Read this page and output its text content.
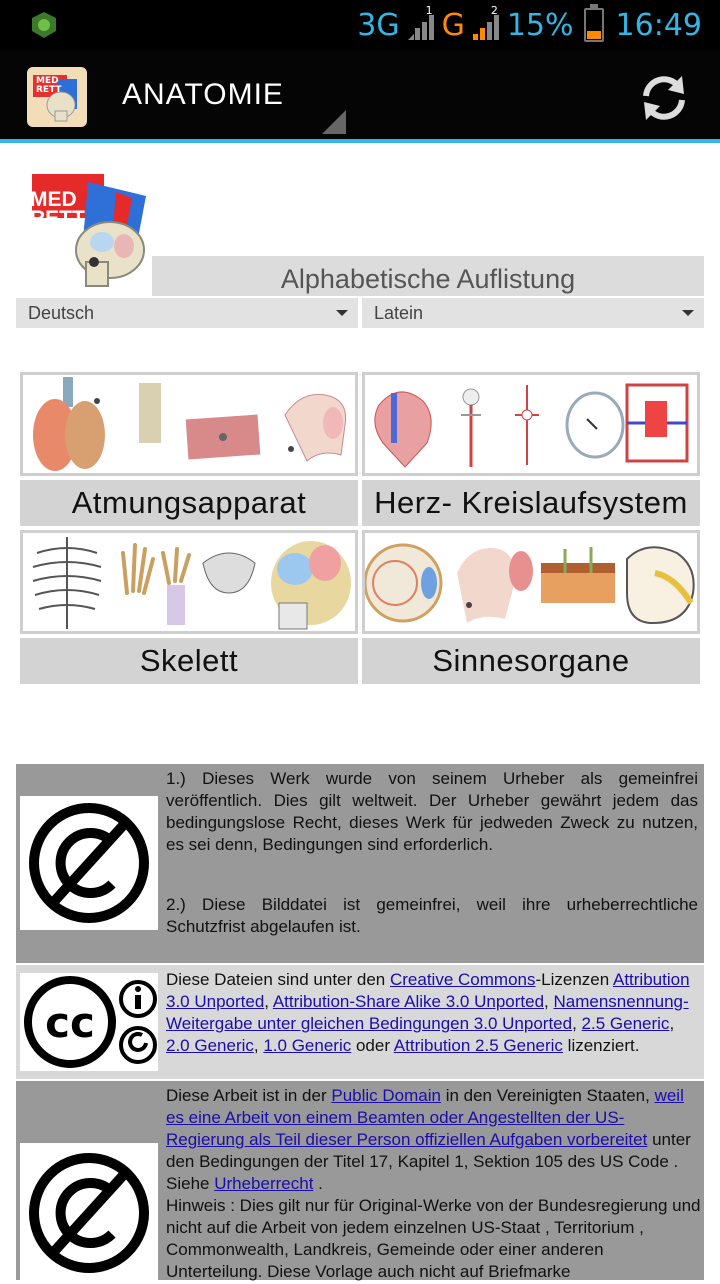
3G 1 G 2 15% 16:49
MED RETT	ANATOMIE
MED
RETT
Alphabetische Auflistung
Deutsch	Latein
Atmungsapparat	Herz- Kreislaufsystem
Skelett	Sinnesorgane
1.) Dieses Werk wurde von seinem Urheber als gemeinfrei veröffentlich. Dies gilt weltweit. Der Urheber gewährt jedem das bedingungslose Recht, dieses Werk für jedweden Zweck zu nutzen, es sei denn, Bedingungen sind erforderlich.
2.) Diese Bilddatei ist gemeinfrei, weil ihre urheberrechtliche Schutzfrist abgelaufen ist.
cc
Diese Dateien sind unter den Creative Commons-Lizenzen Attribution 3.0 Unported, Attribution-Share Alike 3.0 Unported, Namensnennung-Weitergabe unter gleichen Bedingungen 3.0 Unported, 2.5 Generic, 2.0 Generic, 1.0 Generic oder Attribution 2.5 Generic lizenziert.
Diese Arbeit ist in der Public Domain in den Vereinigten Staaten, weil es eine Arbeit von einem Beamten oder Angestellten der US-Regierung als Teil dieser Person offiziellen Aufgaben vorbereitet unter den Bedingungen der Titel 17, Kapitel 1, Sektion 105 des US Code . Siehe Urheberrecht .
Hinweis : Dies gilt nur für Original-Werke von der Bundesregierung und nicht auf die Arbeit von jedem einzelnen US-Staat , Territorium , Commonwealth, Landkreis, Gemeinde oder einer anderen Unterteilung. Diese Vorlage auch nicht auf Briefmarke
